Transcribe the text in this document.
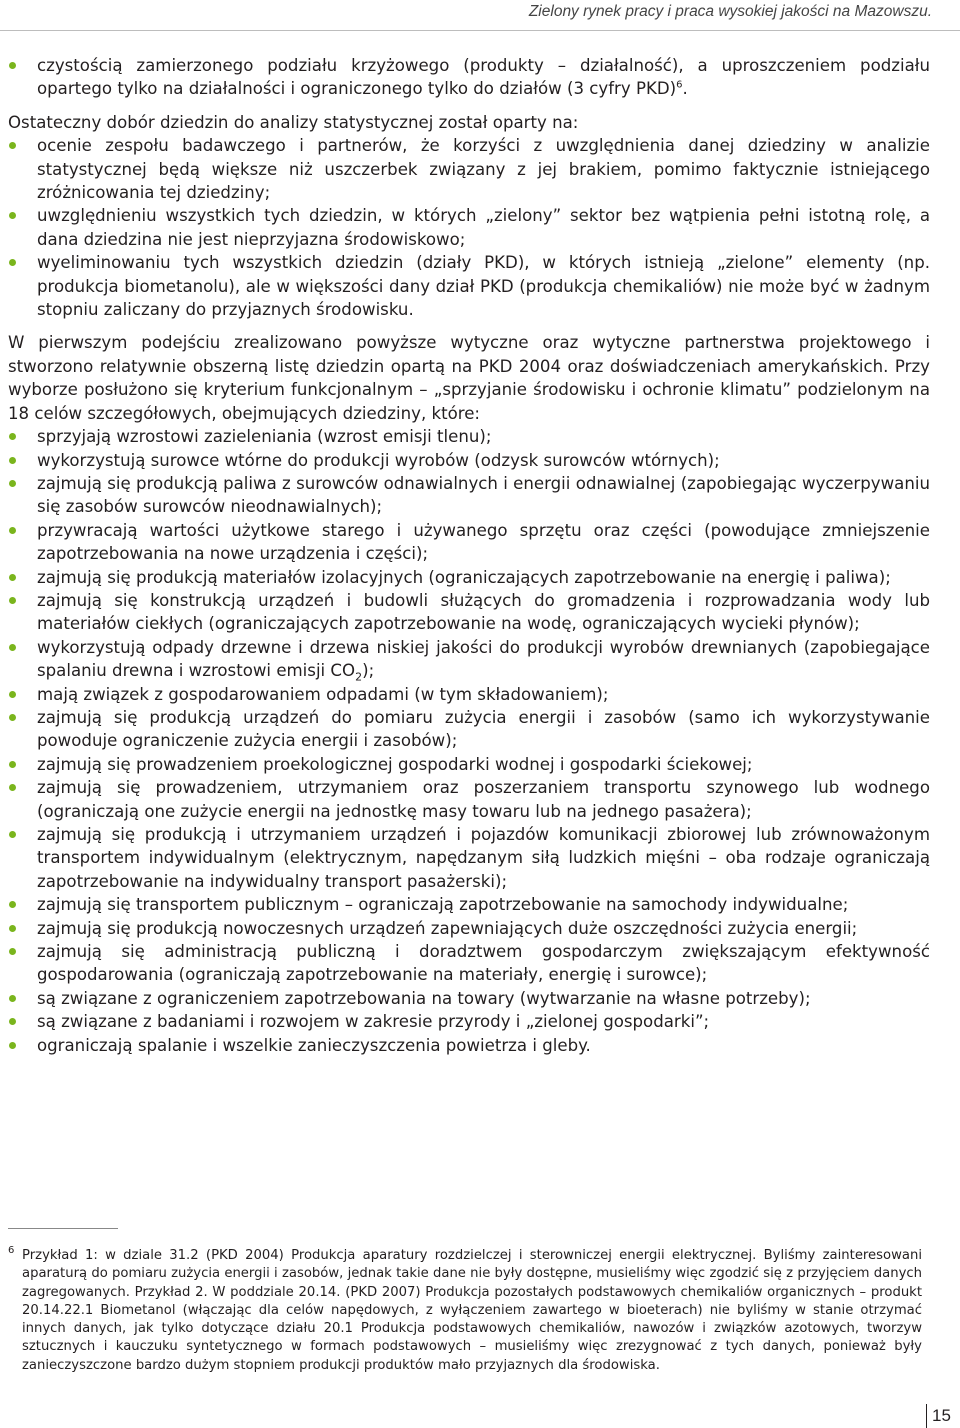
Zielony rynek pracy i praca wysokiej jakości na Mazowszu.
czystością zamierzonego podziału krzyżowego (produkty – działalność), a uproszczeniem podziału opartego tylko na działalności i ograniczonego tylko do działów (3 cyfry PKD)$^6$.

Ostateczny dobór dziedzin do analizy statystycznej został oparty na:

ocenie zespołu badawczego i partnerów, że korzyści z uwzględnienia danej dziedziny w analizie statystycznej będą większe niż uszczerbek związany z jej brakiem, pomimo faktycznie istniejącego zróżnicowania tej dziedziny;
uwzględnieniu wszystkich tych dziedzin, w których „zielony” sektor bez wątpienia pełni istotną rolę, a dana dziedzina nie jest nieprzyjazna środowiskowo;
wyeliminowaniu tych wszystkich dziedzin (działy PKD), w których istnieją „zielone” elementy (np. produkcja biometanolu), ale w większości dany dział PKD (produkcja chemikaliów) nie może być w żadnym stopniu zaliczany do przyjaznych środowisku.

W pierwszym podejściu zrealizowano powyższe wytyczne oraz wytyczne partnerstwa projektowego i stworzono relatywnie obszerną listę dziedzin opartą na PKD 2004 oraz doświadczeniach amerykańskich. Przy wyborze posłużono się kryterium funkcjonalnym – „sprzyjanie środowisku i ochronie klimatu” podzielonym na 18 celów szczegółowych, obejmujących dziedziny, które:

sprzyjają wzrostowi zazieleniania (wzrost emisji tlenu);
wykorzystują surowce wtórne do produkcji wyrobów (odzysk surowców wtórnych);
zajmują się produkcją paliwa z surowców odnawialnych i energii odnawialnej (zapobiegając wyczerpywaniu się zasobów surowców nieodnawialnych);
przywracają wartości użytkowe starego i używanego sprzętu oraz części (powodujące zmniejszenie zapotrzebowania na nowe urządzenia i części);
zajmują się produkcją materiałów izolacyjnych (ograniczających zapotrzebowanie na energię i paliwa);
zajmują się konstrukcją urządzeń i budowli służących do gromadzenia i rozprowadzania wody lub materiałów ciekłych (ograniczających zapotrzebowanie na wodę, ograniczających wycieki płynów);
wykorzystują odpady drzewne i drzewa niskiej jakości do produkcji wyrobów drewnianych (zapobiegające spalaniu drewna i wzrostowi emisji $CO_2$);
mają związek z gospodarowaniem odpadami (w tym składowaniem);
zajmują się produkcją urządzeń do pomiaru zużycia energii i zasobów (samo ich wykorzystywanie powoduje ograniczenie zużycia energii i zasobów);
zajmują się prowadzeniem proekologicznej gospodarki wodnej i gospodarki ściekowej;
zajmują się prowadzeniem, utrzymaniem oraz poszerzaniem transportu szynowego lub wodnego (ograniczają one zużycie energii na jednostkę masy towaru lub na jednego pasażera);
zajmują się produkcją i utrzymaniem urządzeń i pojazdów komunikacji zbiorowej lub zrównoważonym transportem indywidualnym (elektrycznym, napędzanym siłą ludzkich mięśni – oba rodzaje ograniczają zapotrzebowanie na indywidualny transport pasażerski);
zajmują się transportem publicznym – ograniczają zapotrzebowanie na samochody indywidualne;
zajmują się produkcją nowoczesnych urządzeń zapewniających duże oszczędności zużycia energii;
zajmują się administracją publiczną i doradztwem gospodarczym zwiększającym efektywność gospodarowania (ograniczają zapotrzebowanie na materiały, energię i surowce);
są związane z ograniczeniem zapotrzebowania na towary (wytwarzanie na własne potrzeby);
są związane z badaniami i rozwojem w zakresie przyrody i „zielonej gospodarki”;
ograniczają spalanie i wszelkie zanieczyszczenia powietrza i gleby.
6 Przykład 1: w dziale 31.2 (PKD 2004) Produkcja aparatury rozdzielczej i sterowniczej energii elektrycznej. Byliśmy zainteresowani aparaturą do pomiaru zużycia energii i zasobów, jednak takie dane nie były dostępne, musieliśmy więc zgodzić się z przyjęciem danych zagregowanych. Przykład 2. W poddziale 20.14. (PKD 2007) Produkcja pozostałych podstawowych chemikaliów organicznych – produkt 20.14.22.1 Biometanol (włączając dla celów napędowych, z wyłączeniem zawartego w bioeterach) nie byliśmy w stanie otrzymać innych danych, jak tylko dotyczące działu 20.1 Produkcja podstawowych chemikaliów, nawozów i związków azotowych, tworzyw sztucznych i kauczuku syntetycznego w formach podstawowych – musieliśmy więc zrezygnować z tych danych, ponieważ były zanieczyszczone bardzo dużym stopniem produkcji produktów mało przyjaznych dla środowiska.
15
